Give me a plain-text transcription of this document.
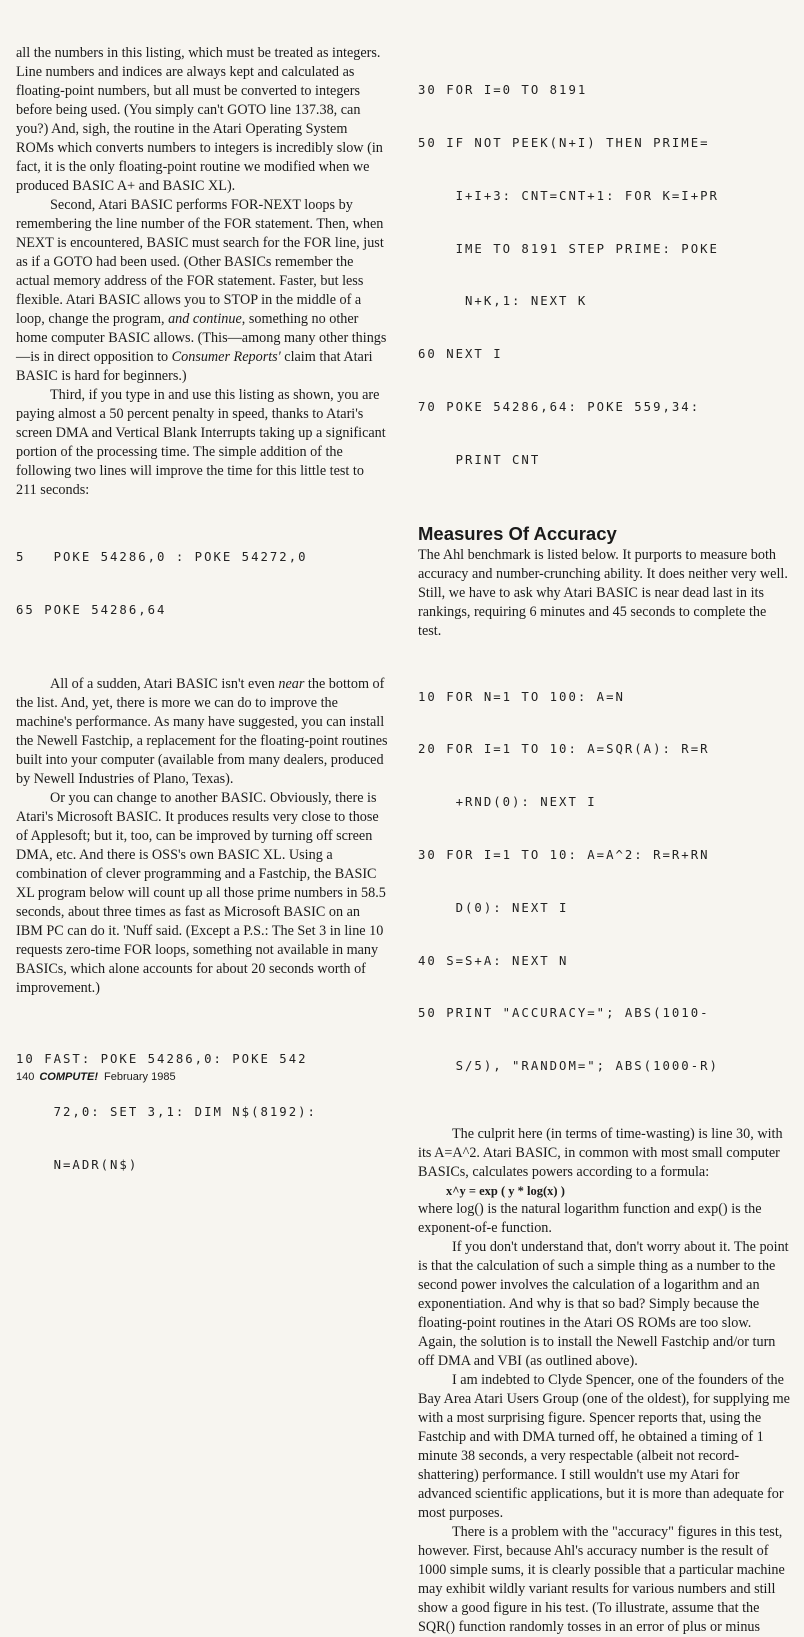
all the numbers in this listing, which must be treated as integers. Line numbers and indices are always kept and calculated as floating-point numbers, but all must be converted to integers before being used. (You simply can't GOTO line 137.38, can you?) And, sigh, the routine in the Atari Operating System ROMs which converts numbers to integers is incredibly slow (in fact, it is the only floating-point routine we modified when we produced BASIC A+ and BASIC XL).

Second, Atari BASIC performs FOR-NEXT loops by remembering the line number of the FOR statement. Then, when NEXT is encountered, BASIC must search for the FOR line, just as if a GOTO had been used. (Other BASICs remember the actual memory address of the FOR statement. Faster, but less flexible. Atari BASIC allows you to STOP in the middle of a loop, change the program, and continue, something no other home computer BASIC allows. (This—among many other things—is in direct opposition to Consumer Reports' claim that Atari BASIC is hard for beginners.)

Third, if you type in and use this listing as shown, you are paying almost a 50 percent penalty in speed, thanks to Atari's screen DMA and Vertical Blank Interrupts taking up a significant portion of the processing time. The simple addition of the following two lines will improve the time for this little test to 211 seconds:

5   POKE 54286,0 : POKE 54272,0

65 POKE 54286,64

All of a sudden, Atari BASIC isn't even near the bottom of the list. And, yet, there is more we can do to improve the machine's performance. As many have suggested, you can install the Newell Fastchip, a replacement for the floating-point routines built into your computer (available from many dealers, produced by Newell Industries of Plano, Texas).

Or you can change to another BASIC. Obviously, there is Atari's Microsoft BASIC. It produces results very close to those of Applesoft; but it, too, can be improved by turning off screen DMA, etc. And there is OSS's own BASIC XL. Using a combination of clever programming and a Fastchip, the BASIC XL program below will count up all those prime numbers in 58.5 seconds, about three times as fast as Microsoft BASIC on an IBM PC can do it. 'Nuff said. (Except a P.S.: The Set 3 in line 10 requests zero-time FOR loops, something not available in many BASICs, which alone accounts for about 20 seconds worth of improvement.)

10 FAST: POKE 54286,0: POKE 542

72,0: SET 3,1: DIM N$(8192):

N=ADR(N$)

30 FOR I=0 TO 8191

50 IF NOT PEEK(N+I) THEN PRIME=

I+I+3: CNT=CNT+1: FOR K=I+PR

IME TO 8191 STEP PRIME: POKE

N+K,1: NEXT K

60 NEXT I

70 POKE 54286,64: POKE 559,34:

PRINT CNT

Measures Of Accuracy

The Ahl benchmark is listed below. It purports to measure both accuracy and number-crunching ability. It does neither very well. Still, we have to ask why Atari BASIC is near dead last in its rankings, requiring 6 minutes and 45 seconds to complete the test.

10 FOR N=1 TO 100: A=N

20 FOR I=1 TO 10: A=SQR(A): R=R

+RND(0): NEXT I

30 FOR I=1 TO 10: A=A^2: R=R+RN

D(0): NEXT I

40 S=S+A: NEXT N

50 PRINT "ACCURACY="; ABS(1010-

S/5), "RANDOM="; ABS(1000-R)

The culprit here (in terms of time-wasting) is line 30, with its A=A^2. Atari BASIC, in common with most small computer BASICs, calculates powers according to a formula:

x^y = exp ( y * log(x) )

where log() is the natural logarithm function and exp() is the exponent-of-e function.

If you don't understand that, don't worry about it. The point is that the calculation of such a simple thing as a number to the second power involves the calculation of a logarithm and an exponentiation. And why is that so bad? Simply because the floating-point routines in the Atari OS ROMs are too slow. Again, the solution is to install the Newell Fastchip and/or turn off DMA and VBI (as outlined above).

I am indebted to Clyde Spencer, one of the founders of the Bay Area Atari Users Group (one of the oldest), for supplying me with a most surprising figure. Spencer reports that, using the Fastchip and with DMA turned off, he obtained a timing of 1 minute 38 seconds, a very respectable (albeit not record-shattering) performance. I still wouldn't use my Atari for advanced scientific applications, but it is more than adequate for most purposes.

There is a problem with the "accuracy" figures in this test, however. First, because Ahl's accuracy number is the result of 1000 simple sums, it is clearly possible that a particular machine may exhibit wildly variant results for various numbers and still show a good figure in his test. (To illustrate, assume that the SQR() function randomly tosses in an error of plus or minus

140 COMPUTE! February 1985
